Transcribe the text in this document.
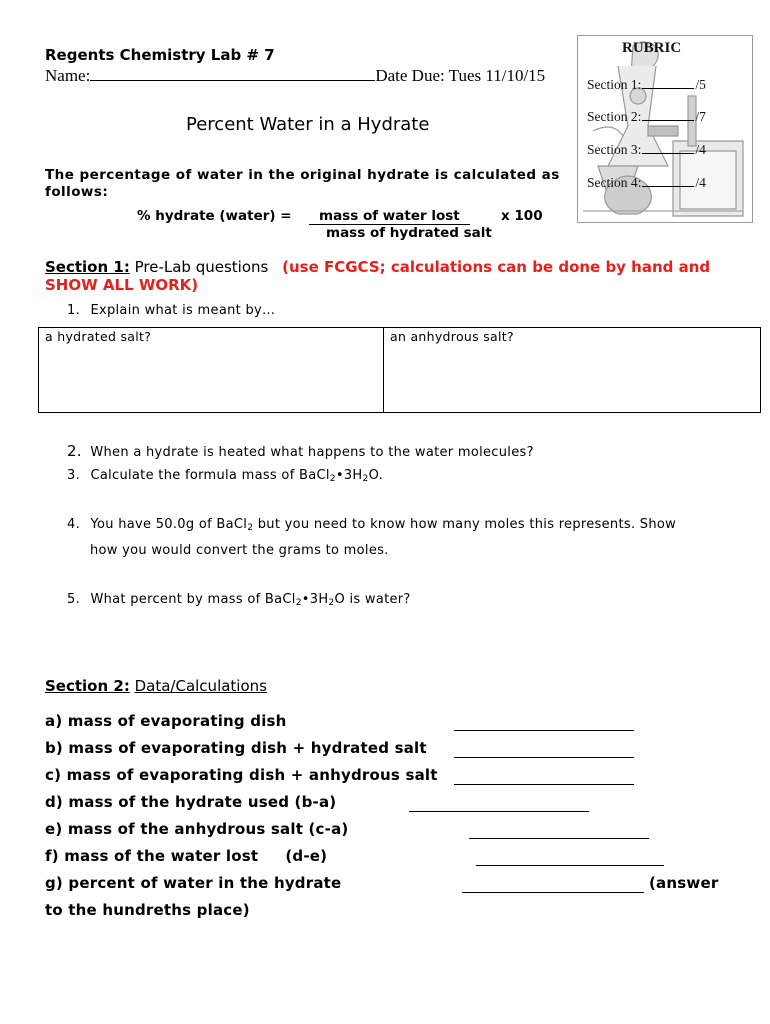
Regents Chemistry Lab # 7
Name:	Date Due: Tues 11/10/15
Percent Water in a Hydrate
RUBRIC
Section 1:	/5
Section 2:	/7
Section 3:	/4
Section 4:	/4
The percentage of water in the original hydrate is calculated as
follows:
% hydrate (water) =	mass of water lost	x 100
mass of hydrated salt
Section 1: Pre-Lab questions (use FCGCS; calculations can be done by hand and
SHOW ALL WORK)
1. Explain what is meant by…
a hydrated salt?	an anhydrous salt?
2. When a hydrate is heated what happens to the water molecules?
3. Calculate the formula mass of $BaCl_2•3H_2O$.
4. You have 50.0g of BaCl$_2$ but you need to know how many moles this represents. Show
how you would convert the grams to moles.
5. What percent by mass of $BaCl_2•3H_2O$ is water?
Section 2: Data/Calculations
a) mass of evaporating dish
b) mass of evaporating dish + hydrated salt
c) mass of evaporating dish + anhydrous salt
d) mass of the hydrate used (b-a)
e) mass of the anhydrous salt (c-a)
f) mass of the water lost     (d-e)
g) percent of water in the hydrate	(answer
to the hundreths place)
